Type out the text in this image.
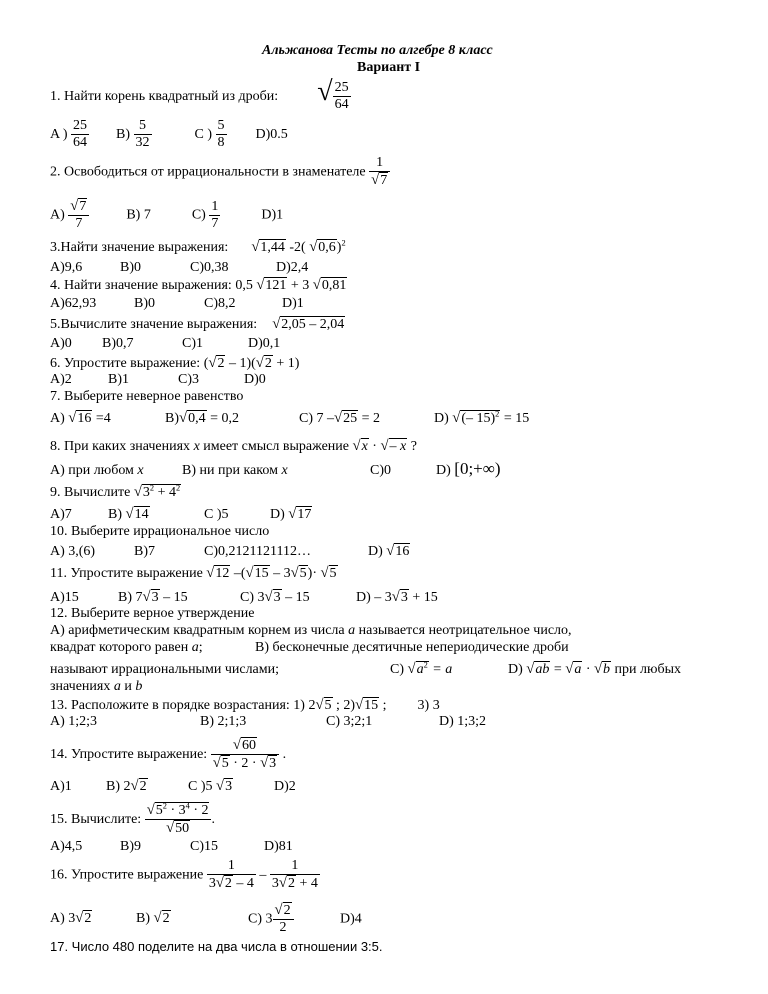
Альжанова Тесты по алгебре 8 класс
Вариант I
1. Найти корень квадратный из дроби: √ $\frac{25}{64}$
A ) $\frac{25}{64} B) \frac{5}{32}$	C ) $\frac{5}{8} D)0.5$
2. Освободиться от иррациональности в знаменателе $\frac{1}{√7}$
$A) \frac{√7}{7}$	B) 7	$C) \frac{1}{7}$	D)1
3.Найти значение выражения: √1,44 -2( √0,6)$^2$
A)9,6	B)0	C)0,38	D)2,4
4. Найти значение выражения: 0,5 √121 + 3 √0,81
A)62,93	B)0	C)8,2	D)1
5.Вычислите значение выражения: √2,05 – 2,04
A)0 B)0,7	C)1	D)0,1
6. Упростите выражение: (√2 – 1)(√2 + 1)
A)2	B)1	C)3	D)0
7. Выберите неверное равенство
A) √16 =4	B)√0,4 = 0,2	C) 7 –√25 = 2	D) √(– 15)$^2$ = 15
8. При каких значениях x имеет смысл выражение √x · √– x ?
A) при любом x	B) ни при каком x	C)0	D) [0;+∞)
9. Вычислите $√3^2 + 4^2$
A)7	B) √14	C )5	D) √17
10. Выберите иррациональное число
A) 3,(6)	B)7	C)0,2121121112…	D) √16
11. Упростите выражение √12 –(√15 – 3√5)· √5
A)15	B) 7√3 – 15	C) 3√3 – 15	D) – 3√3 + 15
12. Выберите верное утверждение
A) арифметическим квадратным корнем из числа a называется неотрицательное число,
квадрат которого равен a;	B) бесконечные десятичные непериодические дроби
называют иррациональными числами;	C) $√a^2 = a$	D) √ab = √a · √b при любых
значениях a и b
13. Расположите в порядке возрастания: 1) 2√5 ; 2)√15 ; 3) 3
A) 1;2;3	B) 2;1;3	C) 3;2;1	D) 1;3;2
14. Упростите выражение: $\frac{√60}{√5 \cdot 2 \cdot √3}$ .
A)1 B) 2√2	C )5 √3	D)2
15. Вычислите: $\frac{√5^2 \cdot 3^4 \cdot 2}{√50}$ .
A)4,5	B)9	C)15	D)81
16. Упростите выражение $\frac{1}{3√2 - 4} - \frac{1}{3√2 + 4}$
A) 3√2	B) √2	C) $3 \frac{√2}{2}$	D)4
17. Число 480 поделите на два числа в отношении 3:5.
